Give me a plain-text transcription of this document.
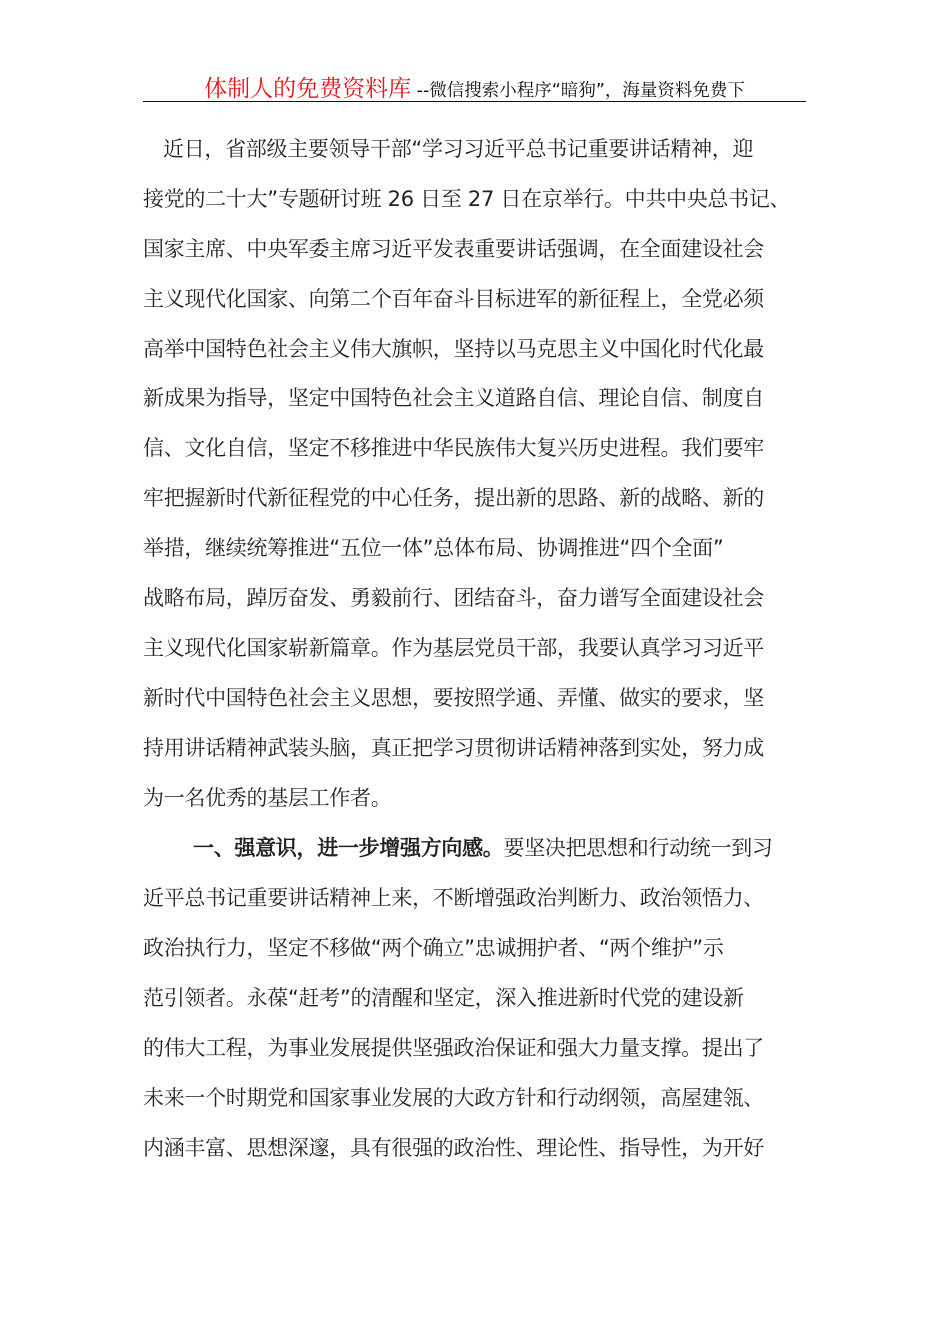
体制人的免费资料库 --微信搜索小程序“暗狗”，海量资料免费下
近日，省部级主要领导干部“学习习近平总书记重要讲话精神，迎
接党的二十大”专题研讨班 26 日至 27 日在京举行。中共中央总书记、
国家主席、中央军委主席习近平发表重要讲话强调，在全面建设社会
主义现代化国家、向第二个百年奋斗目标进军的新征程上，全党必须
高举中国特色社会主义伟大旗帜，坚持以马克思主义中国化时代化最
新成果为指导，坚定中国特色社会主义道路自信、理论自信、制度自
信、文化自信，坚定不移推进中华民族伟大复兴历史进程。我们要牢
牢把握新时代新征程党的中心任务，提出新的思路、新的战略、新的
举措，继续统筹推进“五位一体”总体布局、协调推进“四个全面”
战略布局，踔厉奋发、勇毅前行、团结奋斗，奋力谱写全面建设社会
主义现代化国家崭新篇章。作为基层党员干部，我要认真学习习近平
新时代中国特色社会主义思想，要按照学通、弄懂、做实的要求，坚
持用讲话精神武装头脑，真正把学习贯彻讲话精神落到实处，努力成
为一名优秀的基层工作者。
一、强意识，进一步增强方向感。要坚决把思想和行动统一到习
近平总书记重要讲话精神上来，不断增强政治判断力、政治领悟力、
政治执行力，坚定不移做“两个确立”忠诚拥护者、“两个维护”示
范引领者。永葆“赶考”的清醒和坚定，深入推进新时代党的建设新
的伟大工程，为事业发展提供坚强政治保证和强大力量支撑。提出了
未来一个时期党和国家事业发展的大政方针和行动纲领，高屋建瓴、
内涵丰富、思想深邃，具有很强的政治性、理论性、指导性，为开好
